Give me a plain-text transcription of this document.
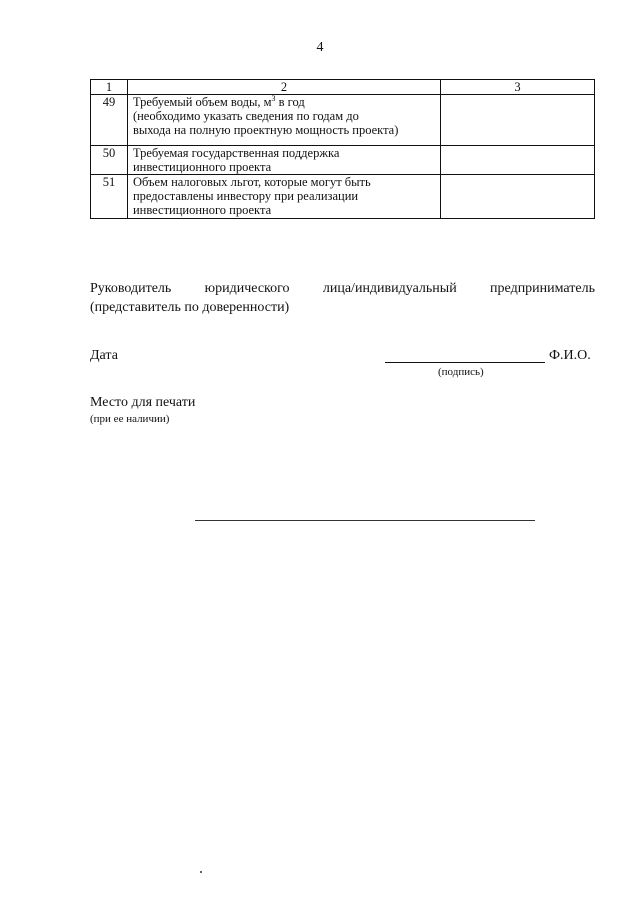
4
1	2	3
49	Требуемый объем воды, $м^3$ в год
(необходимо указать сведения по годам до
выхода на полную проектную мощность проекта)	

50	Требуемая государственная поддержка
инвестиционного проекта	

51	Объем налоговых льгот, которые могут быть
предоставлены инвестору при реализации
инвестиционного проекта	

Руководитель юридического лица/индивидуальный предприниматель
(представитель по доверенности)
Дата	Ф.И.О.
(подпись)
Место для печати
(при ее наличии)
